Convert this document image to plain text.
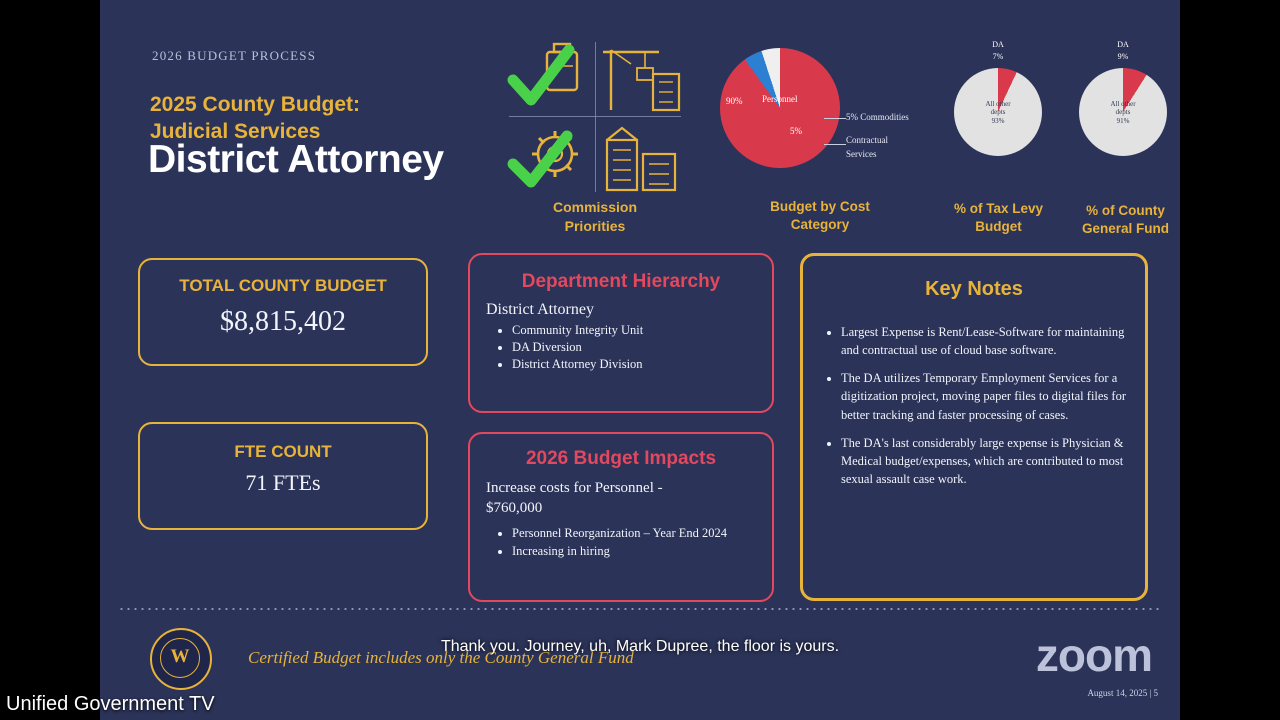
2026 BUDGET PROCESS
2025 County Budget:
Judicial Services
District Attorney
Commission
Priorities
90% Personnel
5%
5% Commodities
Contractual Services
Budget by Cost
Category
DA
7%
All other
depts
93%
% of Tax Levy
Budget
DA
9%
All other
depts
91%
% of County
General Fund
TOTAL COUNTY BUDGET
$8,815,402
FTE COUNT
71 FTEs
Department Hierarchy
District Attorney
• Community Integrity Unit
• DA Diversion
• District Attorney Division
2026 Budget Impacts
Increase costs for Personnel -
$760,000
• Personnel Reorganization – Year End 2024
• Increasing in hiring
Key Notes
• Largest Expense is Rent/Lease-Software for maintaining and contractual use of cloud base software.
• The DA utilizes Temporary Employment Services for a digitization project, moving paper files to digital files for better tracking and faster processing of cases.
• The DA's last considerably large expense is Physician & Medical budget/expenses, which are contributed to most sexual assault case work.
W	Certified Budget includes only the County General Fund
August 14, 2025 | 5
zoom
Thank you. Journey, uh, Mark Dupree, the floor is yours.
Unified Government TV
